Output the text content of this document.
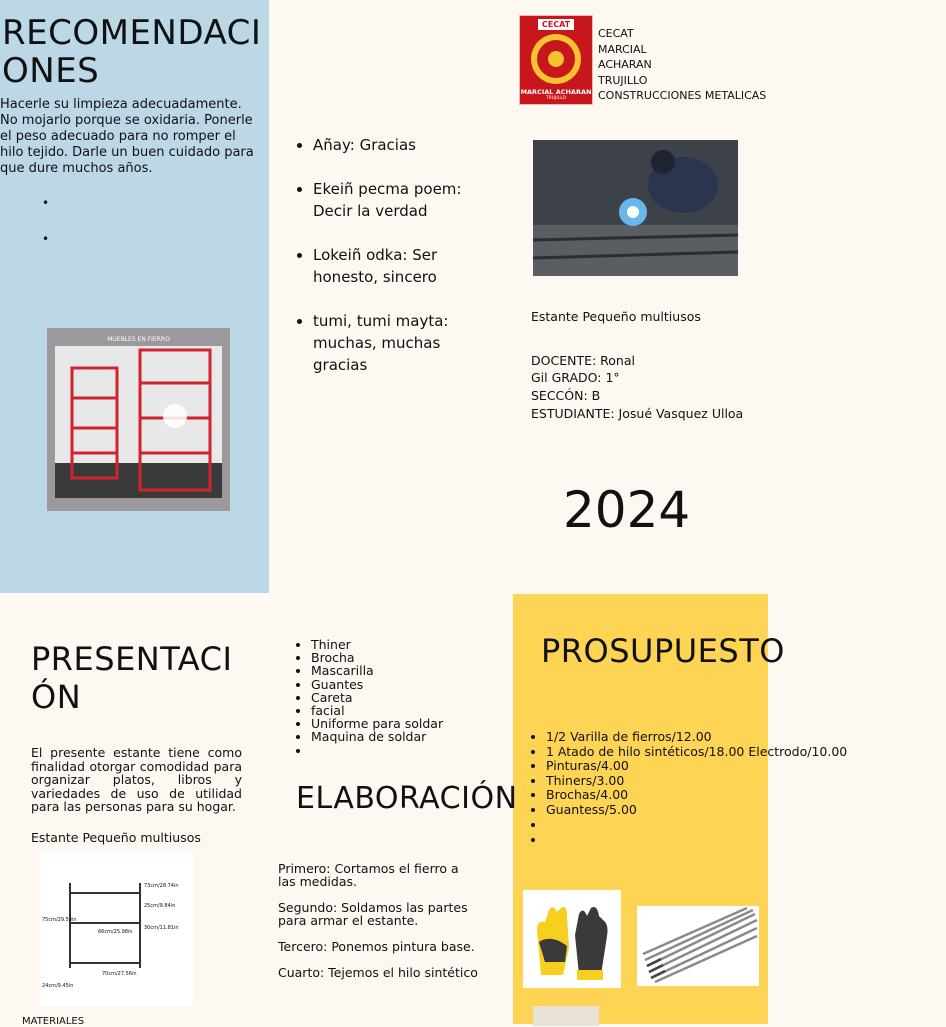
RECOMENDACIONES

Hacerle su limpieza adecuadamente. No mojarlo porque se oxidaria. Ponerle el peso adecuado para no romper el hilo tejido. Darle un buen cuidado para que dure muchos años.

•
•
MUEBLES EN FIERRO
• Añay: Gracias
• Ekeiñ pecma poem: Decir la verdad
• Lokeiñ odka: Ser honesto, sincero
• tumi, tumi mayta: muchas, muchas gracias
CECAT
MARCIAL ACHARAN
TRUJILLO
CECAT
MARCIAL
ACHARAN
TRUJILLO
CONSTRUCCIONES METALICAS
Estante Pequeño multiusos
DOCENTE: Ronal
Gil GRADO: 1°
SECCÓN: B
ESTUDIANTE: Josué Vasquez Ulloa
2024
PRESENTACIÓN

El presente estante tiene como finalidad otorgar comodidad para organizar platos, libros y variedades de uso de utilidad para las personas para su hogar.

Estante Pequeño multiusos
66cm/25.98in
70cm/27.56in
73cm/28.74in
25cm/9.84in
30cm/11.81in
75cm/29.53in
24cm/9.45in
MATERIALES
• Thiner
• Brocha
• Mascarilla
• Guantes
• Careta
• facial
• Uniforme para soldar
• Maquina de soldar
•
ELABORACIÓN

Primero: Cortamos el fierro a las medidas.

Segundo: Soldamos las partes para armar el estante.

Tercero: Ponemos pintura base.

Cuarto: Tejemos el hilo sintético

PROSUPUESTO
• 1/2 Varilla de fierros/12.00
• 1 Atado de hilo sintéticos/18.00 Electrodo/10.00
• Pinturas/4.00
• Thiners/3.00
• Brochas/4.00
• Guantess/5.00
•
•
